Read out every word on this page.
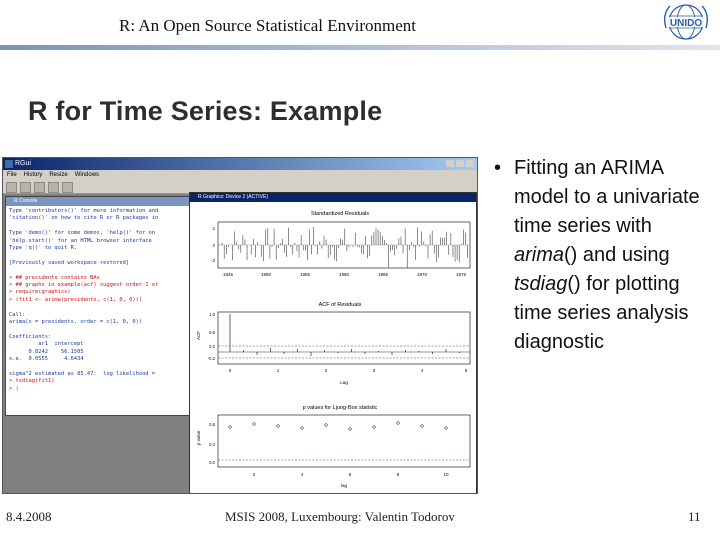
R: An Open Source Statistical Environment	UNIDO
R for Time Series: Example
RGui
File History Resize Windows
R Console
Type 'contributors()' for more information and
'citation()' on how to cite R or R packages in

Type 'demo()' for some demos, 'help()' for on
'help.start()' for an HTML browser interface
Type 'q()' to quit R.

[Previously saved workspace restored]

> ## presidents contains NAs
> ## graphs in example(acf) suggest order 1 or
> require(graphics)
> (fit1 <- arima(presidents, c(1, 0, 0)))

Call:
arima(x = presidents, order = c(1, 0, 0))

Coefficients:
ar1  intercept
0.8242    56.1505
s.e.  0.0555     4.6434

sigma^2 estimated as 85.47:  log likelihood =
> tsdiag(fit1)
> |
R Graphics: Device 2 (ACTIVE)
Standardized Residuals
1945	1950	1955	1960	1965	1970	1975
-2
0
2
ACF of Residuals
0	1	2	3	4	5
-0.2
0.2
0.6
1.0
ACF
Lag
p values for Ljung-Box statistic
2	4	6	8	10
0.0
0.4
0.8
p value
lag
• Fitting an ARIMA model to a univariate time series with arima() and using tsdiag() for plotting time series analysis diagnostic
8.4.2008	MSIS 2008, Luxembourg: Valentin Todorov	11
